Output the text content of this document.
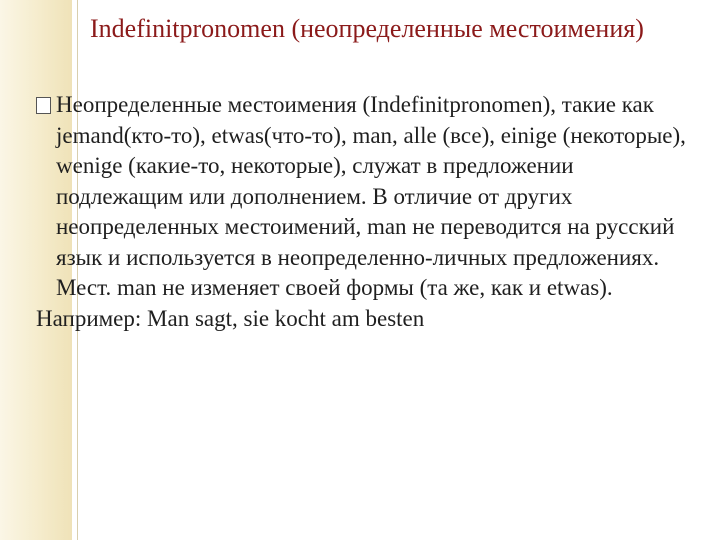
Indefinitpronomen (неопределенные местоимения)
Неопределенные местоимения (Indefinitpronomen), такие как jemand(кто-то), etwas(что-то), man, alle (все), einige (некоторые), wenige (какие-то, некоторые), служат в предложении подлежащим или дополнением. В отличие от других неопределенных местоимений, man не переводится на русский язык и используется в неопределенно-личных предложениях. Мест. man не изменяет своей формы (та же, как и etwas).
Например: Man sagt, sie kocht am besten
